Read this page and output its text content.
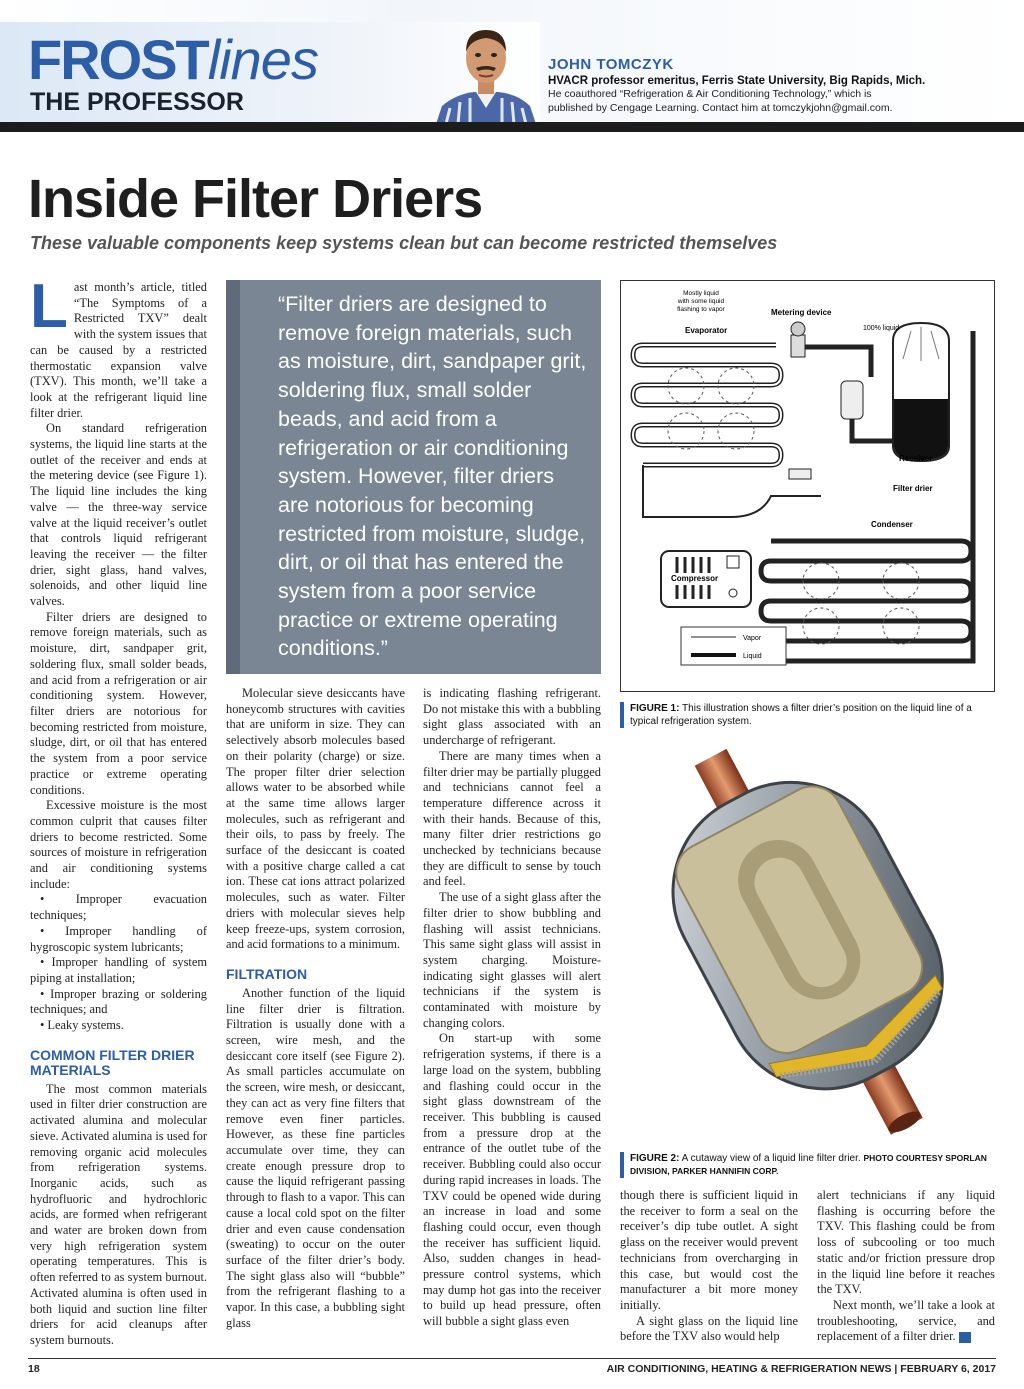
FROSTlines
THE PROFESSOR
JOHN TOMCZYK
HVACR professor emeritus, Ferris State University, Big Rapids, Mich.
He coauthored “Refrigeration & Air Conditioning Technology,” which is published by Cengage Learning. Contact him at tomczykjohn@gmail.com.
Inside Filter Driers
These valuable components keep systems clean but can become restricted themselves

Last month’s article, titled “The Symptoms of a Restricted TXV” dealt with the system issues that can be caused by a restricted thermostatic expansion valve (TXV). This month, we’ll take a look at the refrigerant liquid line filter drier.

On standard refrigeration systems, the liquid line starts at the outlet of the receiver and ends at the metering device (see Figure 1). The liquid line includes the king valve — the three-way service valve at the liquid receiver’s outlet that controls liquid refrigerant leaving the receiver — the filter drier, sight glass, hand valves, solenoids, and other liquid line valves.

Filter driers are designed to remove foreign materials, such as moisture, dirt, sandpaper grit, soldering flux, small solder beads, and acid from a refrigeration or air conditioning system. However, filter driers are notorious for becoming restricted from moisture, sludge, dirt, or oil that has entered the system from a poor service practice or extreme operating conditions.

Excessive moisture is the most common culprit that causes filter driers to become restricted. Some sources of moisture in refrigeration and air conditioning systems include:

• Improper evacuation techniques;

• Improper handling of hygroscopic system lubricants;

• Improper handling of system piping at installation;

• Improper brazing or soldering techniques; and

• Leaky systems.

COMMON FILTER DRIER MATERIALS

The most common materials used in filter drier construction are activated alumina and molecular sieve. Activated alumina is used for removing organic acid molecules from refrigeration systems. Inorganic acids, such as hydrofluoric and hydrochloric acids, are formed when refrigerant and water are broken down from very high refrigeration system operating temperatures. This is often referred to as system burnout. Activated alumina is often used in both liquid and suction line filter driers for acid cleanups after system burnouts.

“Filter driers are designed to remove foreign materials, such as moisture, dirt, sandpaper grit, soldering flux, small solder beads, and acid from a refrigeration or air conditioning system. However, filter driers are notorious for becoming restricted from moisture, sludge, dirt, or oil that has entered the system from a poor service practice or extreme operating conditions.”

Molecular sieve desiccants have honeycomb structures with cavities that are uniform in size. They can selectively absorb molecules based on their polarity (charge) or size. The proper filter drier selection allows water to be absorbed while at the same time allows larger molecules, such as refrigerant and their oils, to pass by freely. The surface of the desiccant is coated with a positive charge called a cat ion. These cat ions attract polarized molecules, such as water. Filter driers with molecular sieves help keep freeze-ups, system corrosion, and acid formations to a minimum.

FILTRATION

Another function of the liquid line filter drier is filtration. Filtration is usually done with a screen, wire mesh, and the desiccant core itself (see Figure 2). As small particles accumulate on the screen, wire mesh, or desiccant, they can act as very fine filters that remove even finer particles. However, as these fine particles accumulate over time, they can create enough pressure drop to cause the liquid refrigerant passing through to flash to a vapor. This can cause a local cold spot on the filter drier and even cause condensation (sweating) to occur on the outer surface of the filter drier’s body. The sight glass also will “bubble” from the refrigerant flashing to a vapor. In this case, a bubbling sight glass

is indicating flashing refrigerant. Do not mistake this with a bubbling sight glass associated with an undercharge of refrigerant.

There are many times when a filter drier may be partially plugged and technicians cannot feel a temperature difference across it with their hands. Because of this, many filter drier restrictions go unchecked by technicians because they are difficult to sense by touch and feel.

The use of a sight glass after the filter drier to show bubbling and flashing will assist technicians. This same sight glass will assist in system charging. Moisture-indicating sight glasses will alert technicians if the system is contaminated with moisture by changing colors.

On start-up with some refrigeration systems, if there is a large load on the system, bubbling and flashing could occur in the sight glass downstream of the receiver. This bubbling is caused from a pressure drop at the entrance of the outlet tube of the receiver. Bubbling could also occur during rapid increases in loads. The TXV could be opened wide during an increase in load and some flashing could occur, even though the receiver has sufficient liquid. Also, sudden changes in head-pressure control systems, which may dump hot gas into the receiver to build up head pressure, often will bubble a sight glass even

Vapor
Liquid
Mostly liquid
with some liquid
flashing to vapor	Metering device
Evaporator	100% liquid
Receiver
Filter drier
Condenser
Compressor
FIGURE 1: This illustration shows a filter drier’s position on the liquid line of a typical refrigeration system.
FIGURE 2: A cutaway view of a liquid line filter drier. PHOTO COURTESY SPORLAN DIVISION, PARKER HANNIFIN CORP.

though there is sufficient liquid in the receiver to form a seal on the receiver’s dip tube outlet. A sight glass on the receiver would prevent technicians from overcharging in this case, but would cost the manufacturer a bit more money initially.

A sight glass on the liquid line before the TXV also would help

alert technicians if any liquid flashing is occurring before the TXV. This flashing could be from loss of subcooling or too much static and/or friction pressure drop in the liquid line before it reaches the TXV.

Next month, we’ll take a look at troubleshooting, service, and replacement of a filter drier. N

18	AIR CONDITIONING, HEATING & REFRIGERATION NEWS | FEBRUARY 6, 2017
